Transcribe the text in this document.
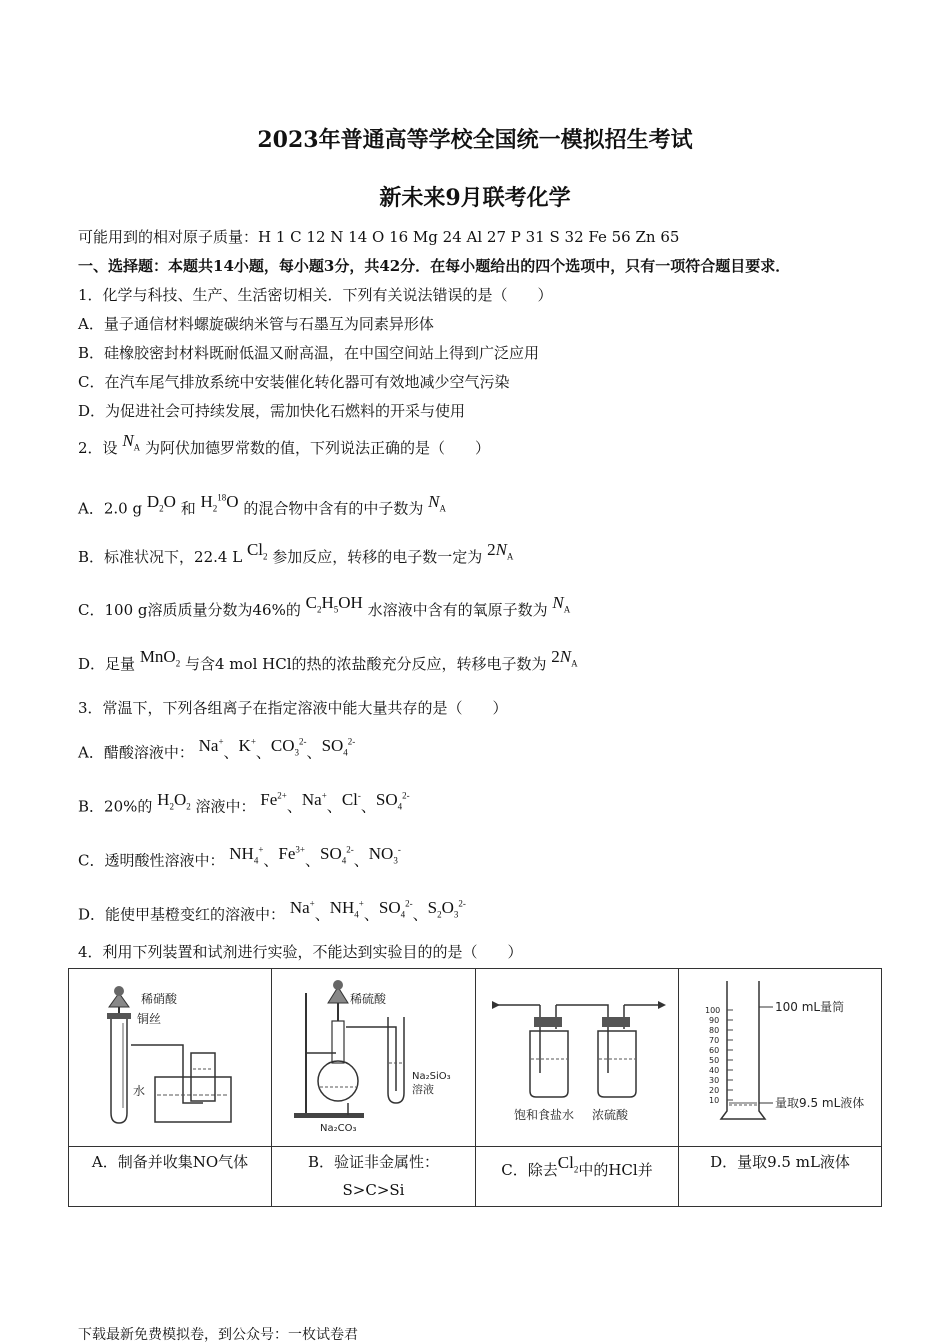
2023年普通高等学校全国统一模拟招生考试
新未来9月联考化学
可能用到的相对原子质量：H 1 C 12 N 14 O 16 Mg 24 Al 27 P 31 S 32 Fe 56 Zn 65
一、选择题：本题共14小题，每小题3分，共42分．在每小题给出的四个选项中，只有一项符合题目要求．
1．化学与科技、生产、生活密切相关．下列有关说法错误的是（　　）
A．量子通信材料螺旋碳纳米管与石墨互为同素异形体
B．硅橡胶密封材料既耐低温又耐高温，在中国空间站上得到广泛应用
C．在汽车尾气排放系统中安装催化转化器可有效地减少空气污染
D．为促进社会可持续发展，需加快化石燃料的开采与使用
2．设 $N_A$ 为阿伏加德罗常数的值，下列说法正确的是（　　）
A．2.0 g $D_2O$ 和 $H_2^{18}O$ 的混合物中含有的中子数为 $N_A$
B．标准状况下，22.4 L $Cl_2$ 参加反应，转移的电子数一定为 $2N_A$
C．100 g溶质质量分数为46%的 $C_2H_5OH$ 水溶液中含有的氧原子数为 $N_A$
D．足量 MnO$_2$ 与含4 mol HCl的热的浓盐酸充分反应，转移电子数为 $2N_A$
3．常温下，下列各组离子在指定溶液中能大量共存的是（　　）
A．醋酸溶液中： Na+、K+、$CO_3^{2-}$、$SO_4^{2-}$
B．20%的 $H_2O_2$ 溶液中： $Fe^{2+}$、Na+、Cl-、$SO_4^{2-}$
C．透明酸性溶液中： $NH_4^+$、$Fe^{3+}$、$SO_4^{2-}$、$NO_3^-$
D．能使甲基橙变红的溶液中： Na+、$NH_4^+$、$SO_4^{2-}$、$S_2O_3^{2-}$
4．利用下列装置和试剂进行实验，不能达到实验目的的是（　　）
稀硝酸
铜丝
水
A．制备并收集NO气体
稀硫酸
Na₂SiO₃
溶液
Na₂CO₃
B．验证非金属性：
S>C>Si
饱和食盐水 浓硫酸
C．除去$Cl_2$中的HCl并
100
90
80
70
60
50
40
30
20
10
100 mL量筒
量取9.5 mL液体
D．量取9.5 mL液体
下载最新免费模拟卷，到公众号：一枚试卷君
